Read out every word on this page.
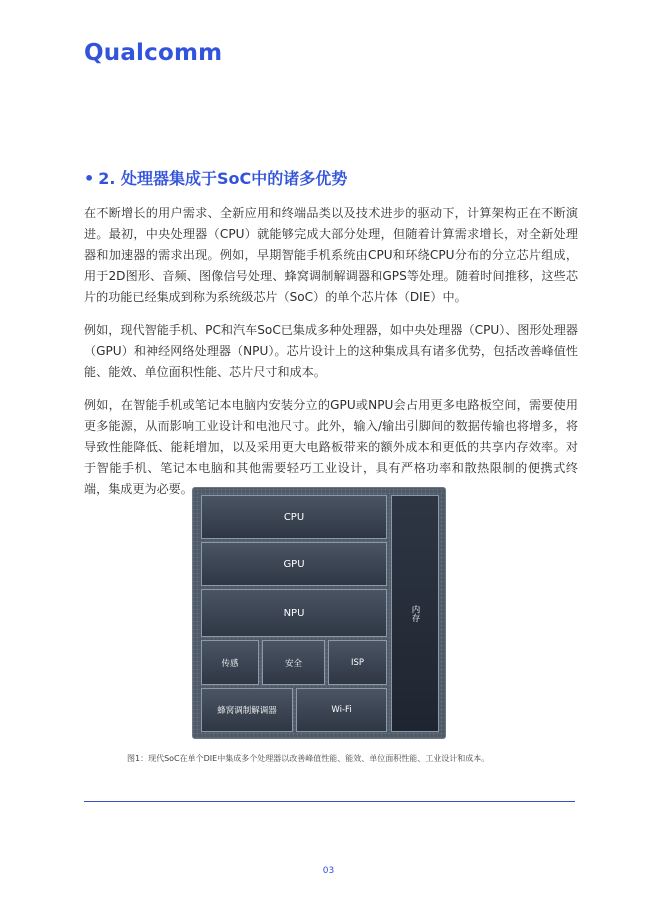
Qualcomm
• 2. 处理器集成于SoC中的诸多优势

在不断增长的用户需求、全新应用和终端品类以及技术进步的驱动下，计算架构正在不断演进。最初，中央处理器（CPU）就能够完成大部分处理，但随着计算需求增长，对全新处理器和加速器的需求出现。例如，早期智能手机系统由CPU和环绕CPU分布的分立芯片组成，用于2D图形、音频、图像信号处理、蜂窝调制解调器和GPS等处理。随着时间推移，这些芯片的功能已经集成到称为系统级芯片（SoC）的单个芯片体（DIE）中。

例如，现代智能手机、PC和汽车SoC已集成多种处理器，如中央处理器（CPU）、图形处理器（GPU）和神经网络处理器（NPU）。芯片设计上的这种集成具有诸多优势，包括改善峰值性能、能效、单位面积性能、芯片尺寸和成本。

例如，在智能手机或笔记本电脑内安装分立的GPU或NPU会占用更多电路板空间，需要使用更多能源，从而影响工业设计和电池尺寸。此外，输入/输出引脚间的数据传输也将增多，将导致性能降低、能耗增加，以及采用更大电路板带来的额外成本和更低的共享内存效率。对于智能手机、笔记本电脑和其他需要轻巧工业设计，具有严格功率和散热限制的便携式终端，集成更为必要。

CPU
GPU
NPU
传感	安全	ISP
蜂窝调制解调器	Wi-Fi
内存
图1：现代SoC在单个DIE中集成多个处理器以改善峰值性能、能效、单位面积性能、工业设计和成本。
03
